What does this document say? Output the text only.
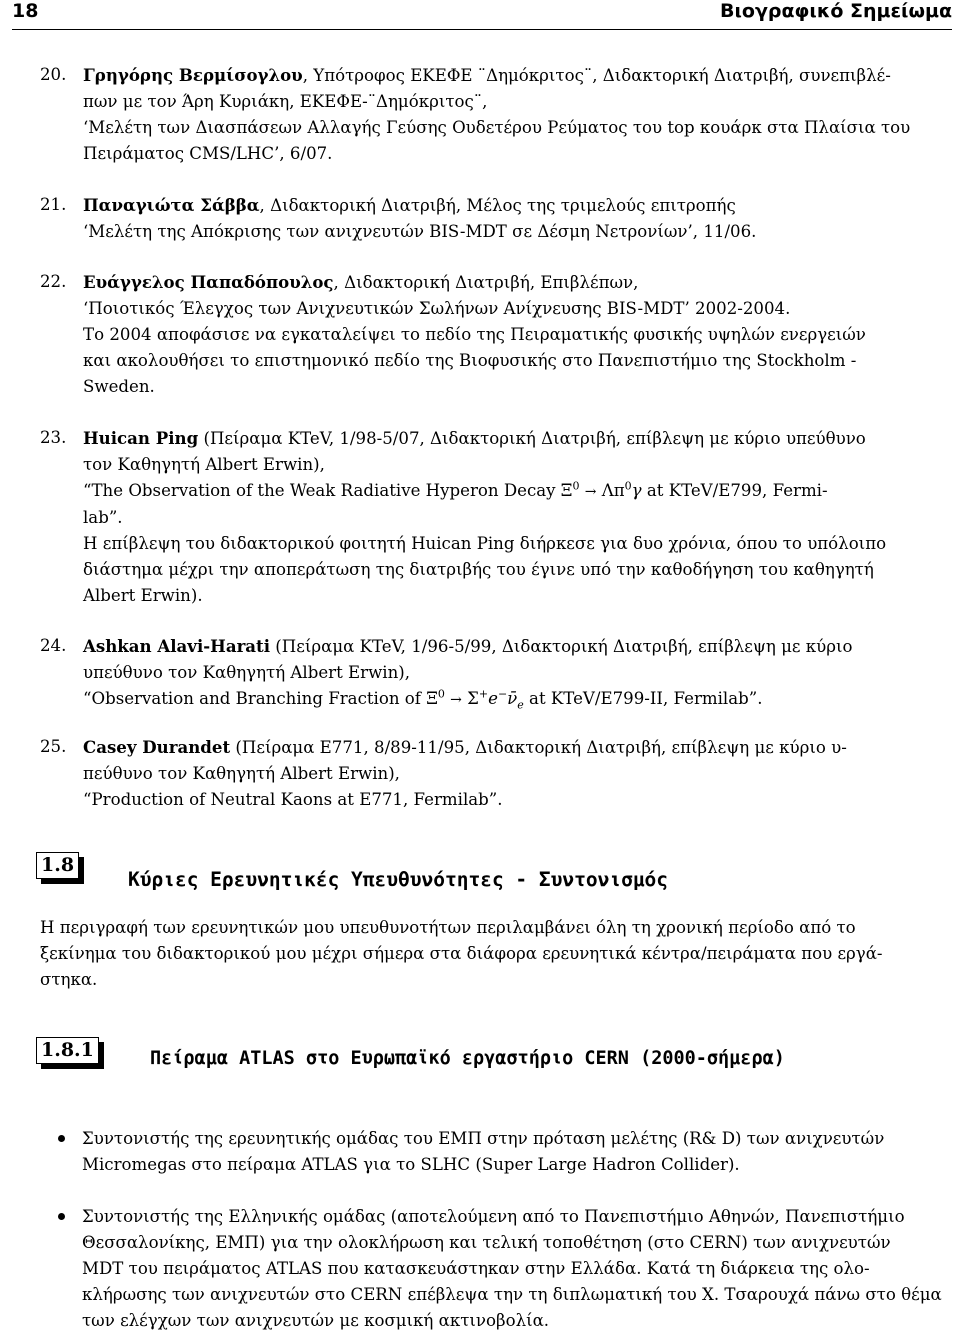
18	Βιογραφικό Σημείωμα
20. Γρηγόρης Βερμίσογλου, Υπότροφος ΕΚΕΦΕ ¨Δημόκριτος¨, Διδακτορική Διατριβή, συνεπιβλέ-
πων με τον Άρη Κυριάκη, ΕΚΕΦΕ-¨Δημόκριτος¨,
‘Μελέτη των Διασπάσεων Αλλαγής Γεύσης Ουδετέρου Ρεύματος του top κουάρκ στα Πλαίσια του
Πειράματος CMS/LHC’, 6/07.
21. Παναγιώτα Σάββα, Διδακτορική Διατριβή, Μέλος της τριμελούς επιτροπής
‘Μελέτη της Απόκρισης των ανιχνευτών BIS-MDT σε Δέσμη Νετρονίων’, 11/06.
22. Ευάγγελος Παπαδόπουλος, Διδακτορική Διατριβή, Επιβλέπων,
‘Ποιοτικός Έλεγχος των Ανιχνευτικών Σωλήνων Ανίχνευσης BIS-MDT’ 2002-2004.
Το 2004 αποφάσισε να εγκαταλείψει το πεδίο της Πειραματικής φυσικής υψηλών ενεργειών
και ακολουθήσει το επιστημονικό πεδίο της Βιοφυσικής στο Πανεπιστήμιο της Stockholm -
Sweden.
23. Huican Ping (Πείραμα KTeV, 1/98-5/07, Διδακτορική Διατριβή, επίβλεψη με κύριο υπεύθυνο
τον Καθηγητή Albert Erwin),
“The Observation of the Weak Radiative Hyperon Decay $\Xi^0 \to \Lambda\pi^0\gamma$ at KTeV/E799, Fermi-
lab”.
Η επίβλεψη του διδακτορικού φοιτητή Huican Ping διήρκεσε για δυο χρόνια, όπου το υπόλοιπο
διάστημα μέχρι την αποπεράτωση της διατριβής του έγινε υπό την καθοδήγηση του καθηγητή
Albert Erwin).
24. Ashkan Alavi-Harati (Πείραμα KTeV, 1/96-5/99, Διδακτορική Διατριβή, επίβλεψη με κύριο
υπεύθυνο τον Καθηγητή Albert Erwin),
“Observation and Branching Fraction of $\Xi^0$ → $\Sigma^+e^-\nū_e$ at KTeV/E799-II, Fermilab”.
25. Casey Durandet (Πείραμα E771, 8/89-11/95, Διδακτορική Διατριβή, επίβλεψη με κύριο υ-
πεύθυνο τον Καθηγητή Albert Erwin),
“Production of Neutral Kaons at E771, Fermilab”.
1.8
Κύριες Ερευνητικές Υπευθυνότητες - Συντονισμός
Η περιγραφή των ερευνητικών μου υπευθυνοτήτων περιλαμβάνει όλη τη χρονική περίοδο από το
ξεκίνημα του διδακτορικού μου μέχρι σήμερα στα διάφορα ερευνητικά κέντρα/πειράματα που εργά-
στηκα.
1.8.1	Πείραμα ATLAS στο Ευρωπαϊκό εργαστήριο CERN (2000-σήμερα)
Συντονιστής της ερευνητικής ομάδας του ΕΜΠ στην πρόταση μελέτης (R& D) των ανιχνευτών
Micromegas στο πείραμα ATLAS για το SLHC (Super Large Hadron Collider).
Συντονιστής της Ελληνικής ομάδας (αποτελούμενη από το Πανεπιστήμιο Αθηνών, Πανεπιστήμιο
Θεσσαλονίκης, ΕΜΠ) για την ολοκλήρωση και τελική τοποθέτηση (στο CERN) των ανιχνευτών
MDT του πειράματος ATLAS που κατασκευάστηκαν στην Ελλάδα. Κατά τη διάρκεια της ολο-
κλήρωσης των ανιχνευτών στο CERN επέβλεψα την τη διπλωματική του Χ. Τσαρουχά πάνω στο θέμα
των ελέγχων των ανιχνευτών με κοσμική ακτινοβολία.
